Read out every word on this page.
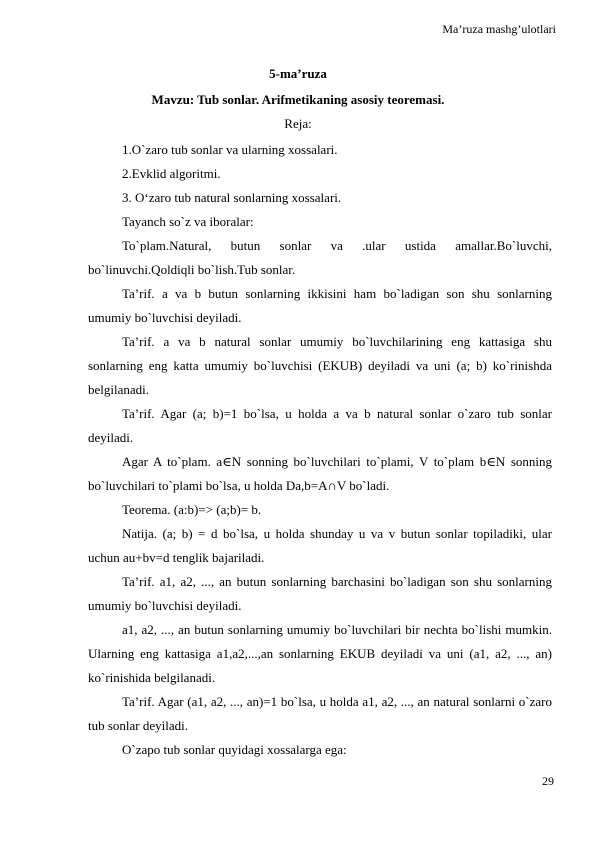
Ma’ruza mashg’ulotlari
5-ma’ruza
Mavzu: Tub sonlar. Arifmetikaning asosiy teoremasi.
Reja:

1.O`zaro tub sonlar va ularning xossalari.

2.Evklid algoritmi.

3. O‘zaro tub natural sonlarning xossalari.

Tayanch so`z va iboralar:

To`plam.Natural, butun sonlar va .ular ustida amallar.Bo`luvchi, bo`linuvchi.Qoldiqli bo`lish.Tub sonlar.

Ta’rif. a va b butun sonlarning ikkisini ham bo`ladigan son shu sonlarning umumiy bo`luvchisi deyiladi.

Ta’rif. a va b natural sonlar umumiy bo`luvchilarining eng kattasiga shu sonlarning eng katta umumiy bo`luvchisi (EKUB) deyiladi va uni (a; b) ko`rinishda belgilanadi.

Ta’rif. Agar (a; b)=1 bo`lsa, u holda a va b natural sonlar o`zaro tub sonlar deyiladi.

Agar A to`plam. a∈N sonning bo`luvchilari to`plami, V to`plam b∈N sonning bo`luvchilari to`plami bo`lsa, u holda Da,b=A∩V bo`ladi.

Teorema. (a:b)=> (a;b)= b.

Natija. (a; b) = d bo`lsa, u holda shunday u va v butun sonlar topiladiki, ular uchun au+bv=d tenglik bajariladi.

Ta’rif. a1, a2, ..., an butun sonlarning barchasini bo`ladigan son shu sonlarning umumiy bo`luvchisi deyiladi.

a1, a2, ..., an butun sonlarning umumiy bo`luvchilari bir nechta bo`lishi mumkin. Ularning eng kattasiga a1,a2,...,an sonlarning EKUB deyiladi va uni (a1, a2, ..., an) ko`rinishida belgilanadi.

Ta’rif. Agar (a1, a2, ..., an)=1 bo`lsa, u holda a1, a2, ..., an natural sonlarni o`zaro tub sonlar deyiladi.

O`zapo tub sonlar quyidagi xossalarga ega:

29
